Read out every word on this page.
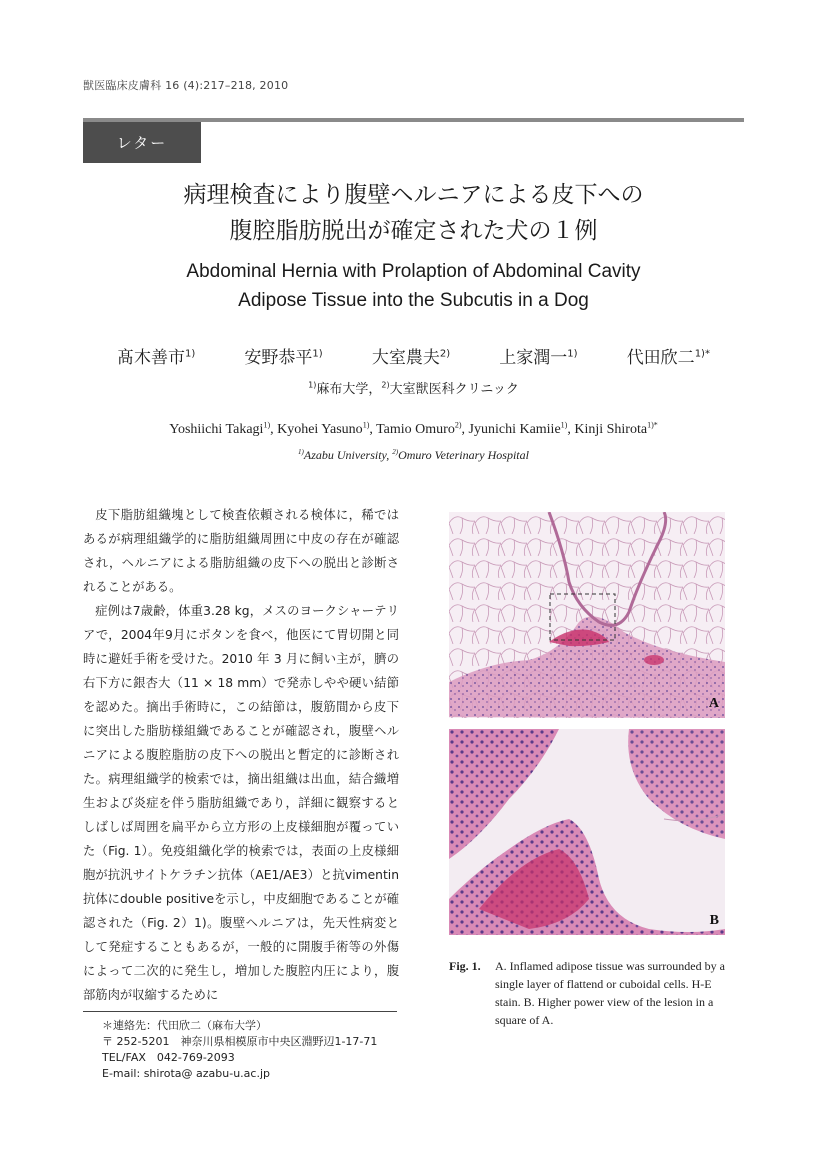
獣医臨床皮膚科 16 (4):217–218, 2010
レター
病理検査により腹壁ヘルニアによる皮下への
腹腔脂肪脱出が確定された犬の１例
Abdominal Hernia with Prolaption of Abdominal Cavity
Adipose Tissue into the Subcutis in a Dog
髙木善市$^{1)}$	安野恭平$^{1)}$	大室農夫$^{2)}$	上家潤一$^{1)}$	代田欣二$^{1)*}$
$^{1)}$麻布大学，$^{2)}$大室獣医科クリニック
Yoshiichi Takagi$^{1)}$, Kyohei Yasuno$^{1)}$, Tamio Omuro$^{2)}$, Jyunichi Kamiie$^{1)}$, Kinji Shirota$^{1)*}$
$^{1)}$Azabu University, $^{2)}$Omuro Veterinary Hospital

皮下脂肪組織塊として検査依頼される検体に，稀ではあるが病理組織学的に脂肪組織周囲に中皮の存在が確認され，ヘルニアによる脂肪組織の皮下への脱出と診断されることがある。

症例は7歳齢，体重3.28 kg，メスのヨークシャーテリアで，2004年9月にボタンを食べ，他医にて胃切開と同時に避妊手術を受けた。2010 年 3 月に飼い主が，臍の右下方に銀杏大（11 × 18 mm）で発赤しやや硬い結節を認めた。摘出手術時に，この結節は，腹筋間から皮下に突出した脂肪様組織であることが確認され，腹壁ヘルニアによる腹腔脂肪の皮下への脱出と暫定的に診断された。病理組織学的検索では，摘出組織は出血，結合織増生および炎症を伴う脂肪組織であり，詳細に観察するとしばしば周囲を扁平から立方形の上皮様細胞が覆っていた（Fig. 1）。免疫組織化学的検索では，表面の上皮様細胞が抗汎サイトケラチン抗体（AE1/AE3）と抗vimentin抗体にdouble positiveを示し，中皮細胞であることが確認された（Fig. 2）1)。腹壁ヘルニアは，先天性病変として発症することもあるが，一般的に開腹手術等の外傷によって二次的に発生し，増加した腹腔内圧により，腹部筋肉が収縮するために

＊連絡先：代田欣二（麻布大学）
〒 252-5201　神奈川県相模原市中央区淵野辺1-17-71
TEL/FAX　042-769-2093
E-mail: shirota@ azabu-u.ac.jp
A
B
Fig. 1.	A. Inflamed adipose tissue was surrounded by a single layer of flattend or cuboidal cells. H-E stain. B. Higher power view of the lesion in a square of A.
